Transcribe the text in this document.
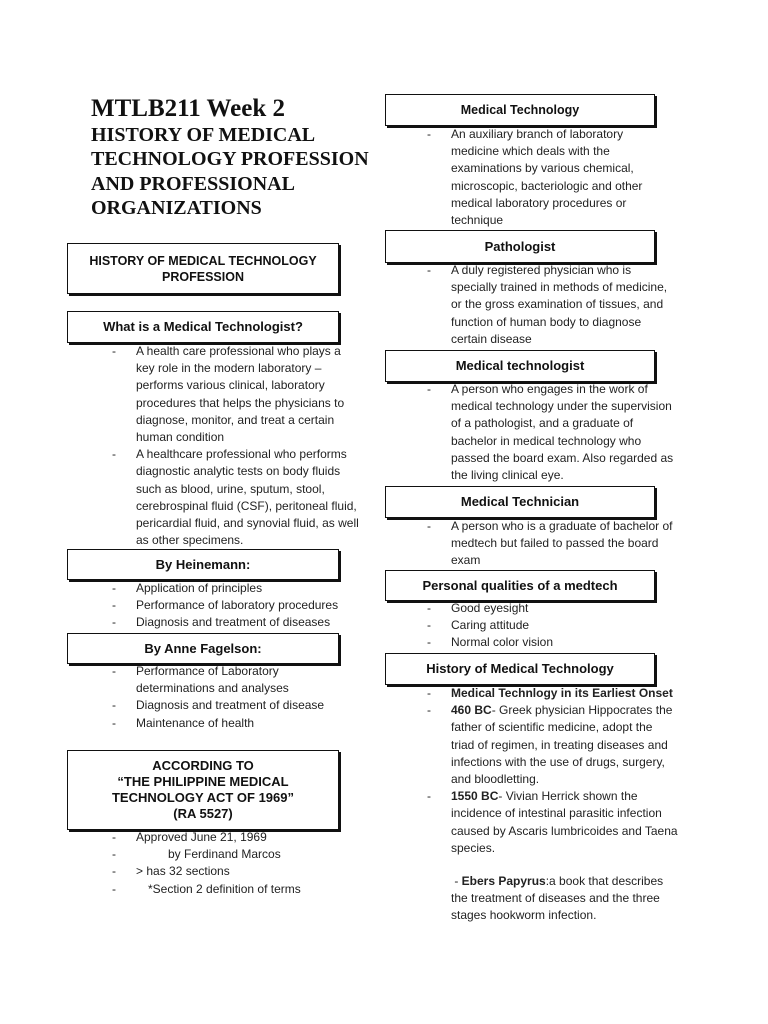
MTLB211 Week 2
HISTORY OF MEDICAL TECHNOLOGY PROFESSION AND PROFESSIONAL ORGANIZATIONS
HISTORY OF MEDICAL TECHNOLOGY PROFESSION
What is a Medical Technologist?
- A health care professional who plays a key role in the modern laboratory – performs various clinical, laboratory procedures that helps the physicians to diagnose, monitor, and treat a certain human condition
- A healthcare professional who performs diagnostic analytic tests on body fluids such as blood, urine, sputum, stool, cerebrospinal fluid (CSF), peritoneal fluid, pericardial fluid, and synovial fluid, as well as other specimens.
By Heinemann:
- Application of principles
- Performance of laboratory procedures
- Diagnosis and treatment of diseases
By Anne Fagelson:
- Performance of Laboratory determinations and analyses
- Diagnosis and treatment of disease
- Maintenance of health
ACCORDING TO
“THE PHILIPPINE MEDICAL
TECHNOLOGY ACT OF 1969”
(RA 5527)
- Approved June 21, 1969
- by Ferdinand Marcos
- > has 32 sections
- *Section 2 definition of terms
Medical Technology
- An auxiliary branch of laboratory medicine which deals with the examinations by various chemical, microscopic, bacteriologic and other medical laboratory procedures or technique
Pathologist
- A duly registered physician who is specially trained in methods of medicine, or the gross examination of tissues, and function of human body to diagnose certain disease
Medical technologist
- A person who engages in the work of medical technology under the supervision of a pathologist, and a graduate of bachelor in medical technology who passed the board exam. Also regarded as the living clinical eye.
Medical Technician
- A person who is a graduate of bachelor of medtech but failed to passed the board exam
Personal qualities of a medtech
- Good eyesight
- Caring attitude
- Normal color vision
History of Medical Technology
- Medical Technlogy in its Earliest Onset
- 460 BC- Greek physician Hippocrates the father of scientific medicine, adopt the triad of regimen, in treating diseases and infections with the use of drugs, surgery, and bloodletting.
- 1550 BC- Vivian Herrick shown the incidence of intestinal parasitic infection caused by Ascaris lumbricoides and Taena species.
- Ebers Papyrus:a book that describes the treatment of diseases and the three stages hookworm infection.
